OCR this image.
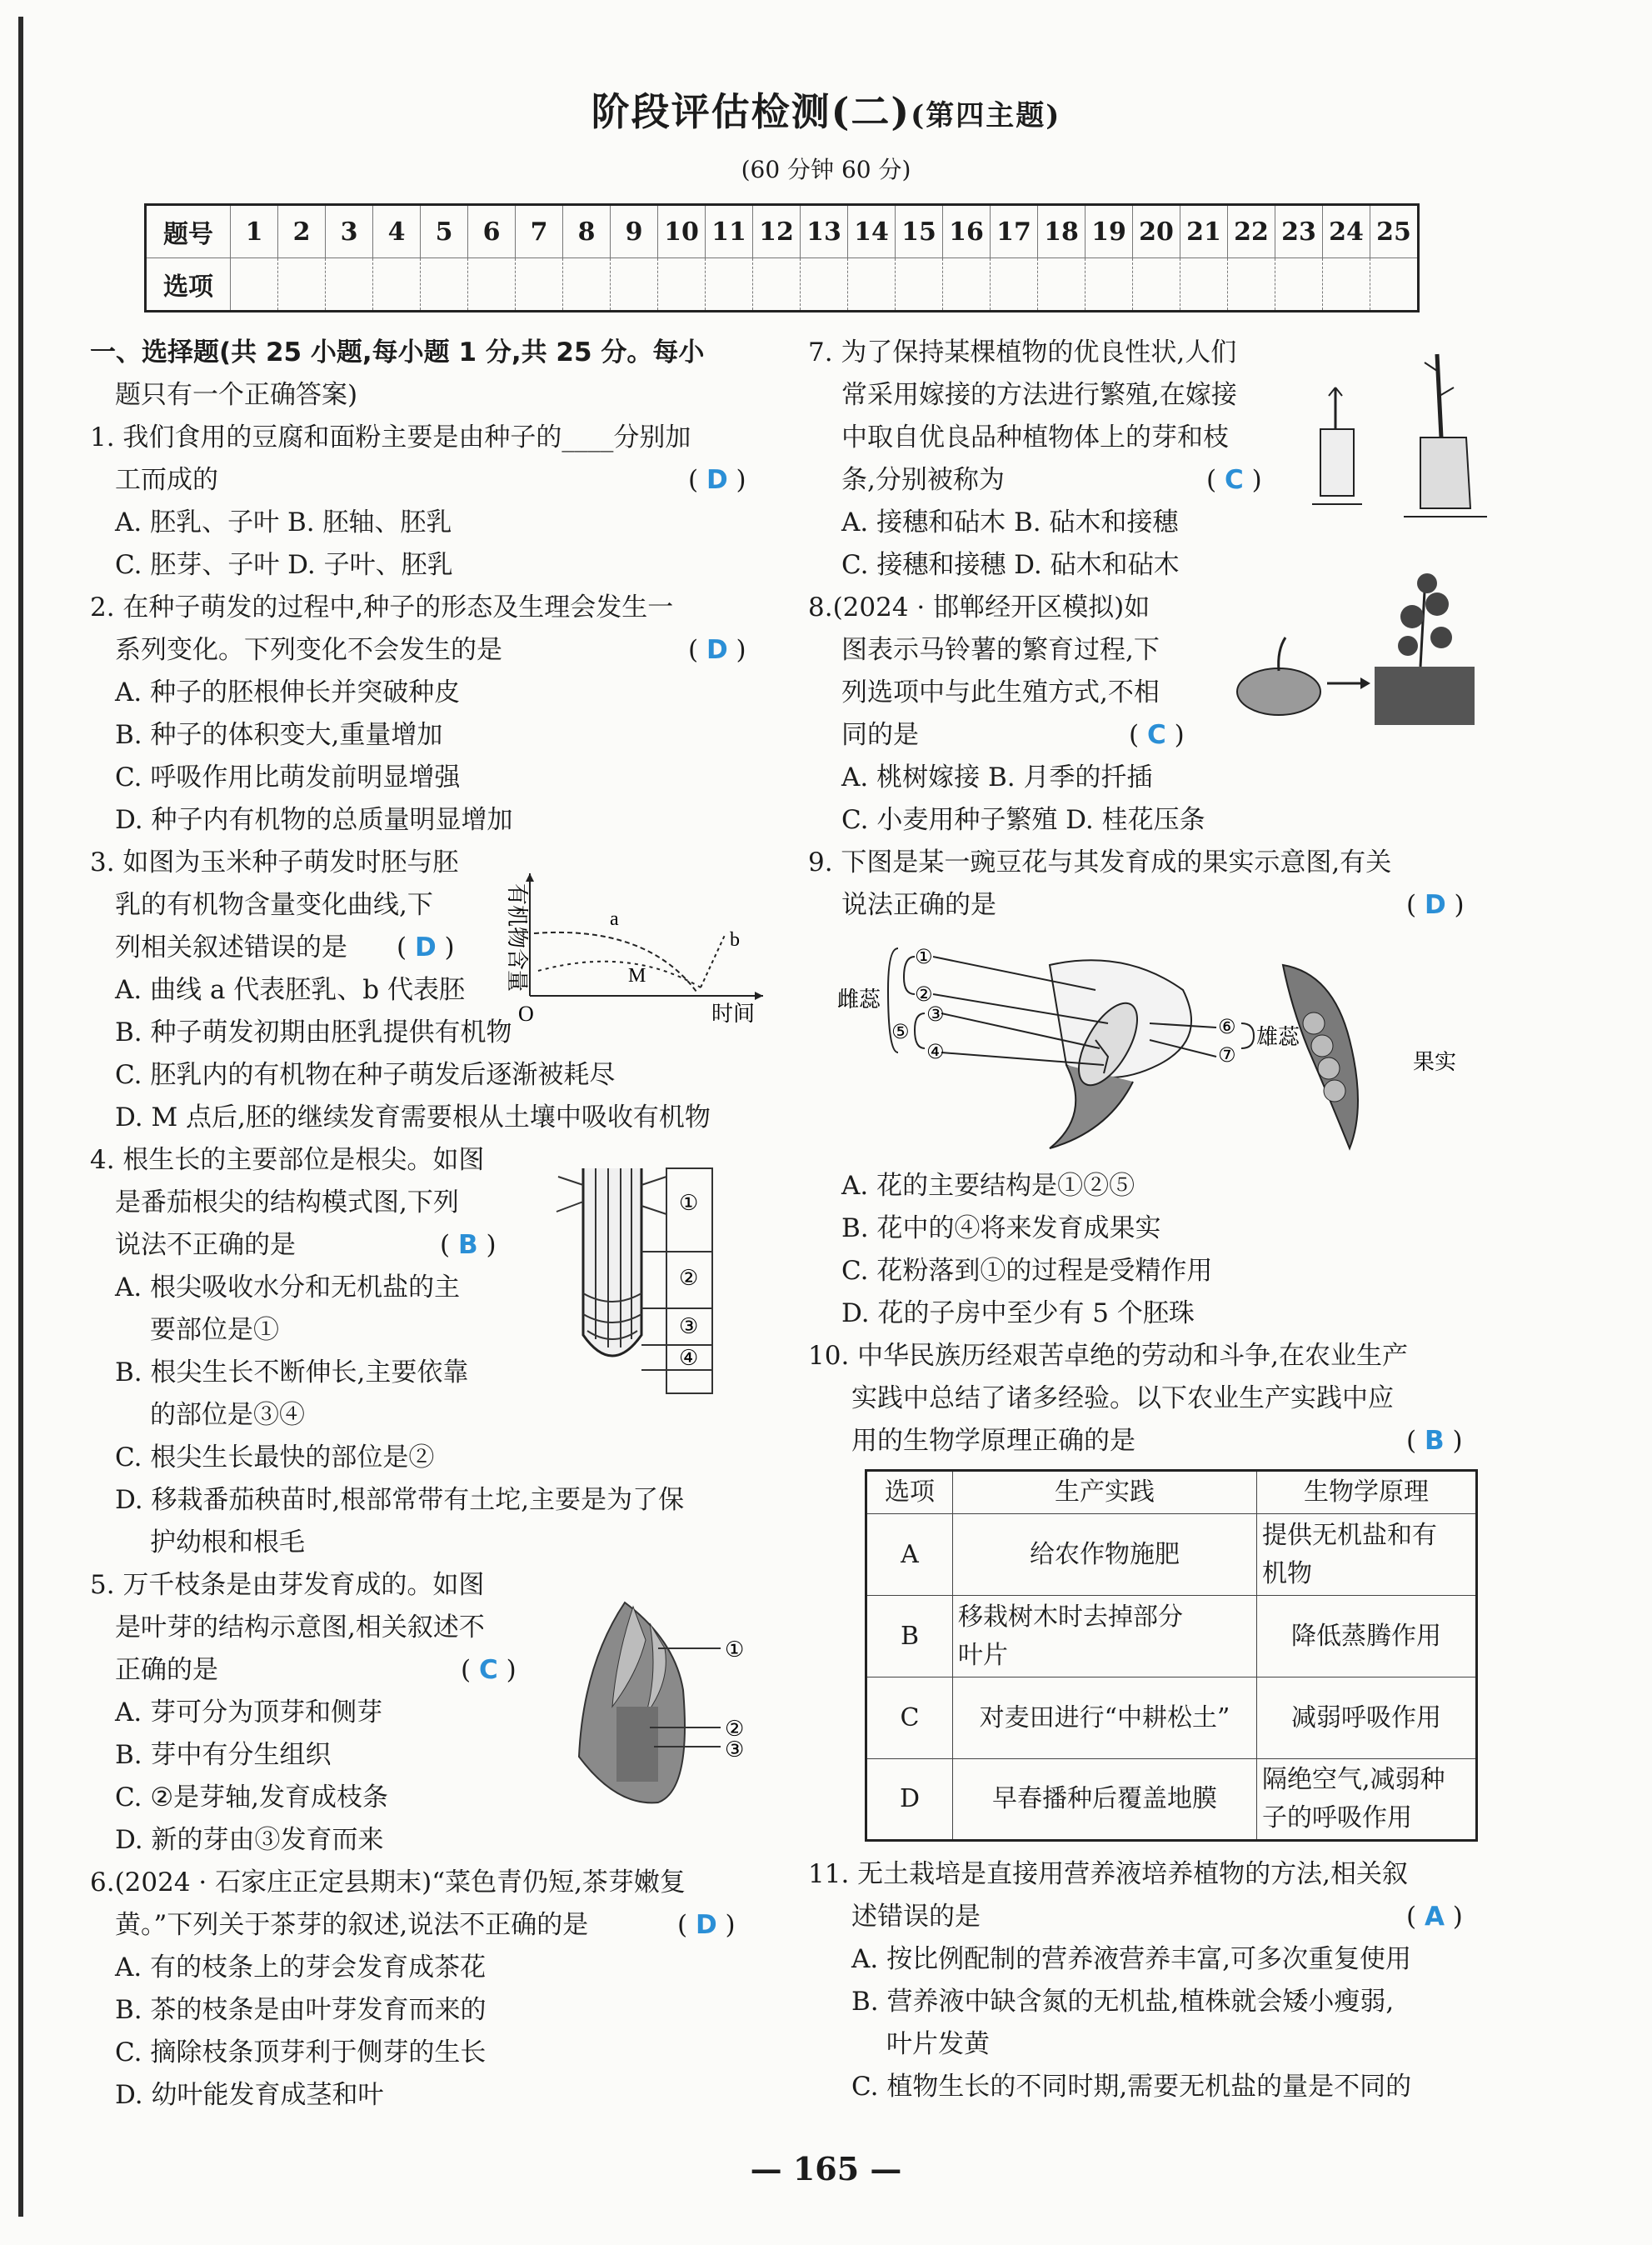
阶段评估检测(二)(第四主题)
(60 分钟 60 分)
题号	1	2	3	4	5	6	7	8	9	10	11	12	13	14	15	16	17	18	19	20	21	22	23	24	25
选项																									
一、选择题(共 25 小题,每小题 1 分,共 25 分。每小
题只有一个正确答案)
1. 我们食用的豆腐和面粉主要是由种子的____分别加
工而成的	( D )
A. 胚乳、子叶 B. 胚轴、胚乳
C. 胚芽、子叶 D. 子叶、胚乳
2. 在种子萌发的过程中,种子的形态及生理会发生一
系列变化。下列变化不会发生的是	( D )
A. 种子的胚根伸长并突破种皮
B. 种子的体积变大,重量增加
C. 呼吸作用比萌发前明显增强
D. 种子内有机物的总质量明显增加
3. 如图为玉米种子萌发时胚与胚
乳的有机物含量变化曲线,下
列相关叙述错误的是 ( D )
A. 曲线 a 代表胚乳、b 代表胚
B. 种子萌发初期由胚乳提供有机物
C. 胚乳内的有机物在种子萌发后逐渐被耗尽
D. M 点后,胚的继续发育需要根从土壤中吸收有机物
4. 根生长的主要部位是根尖。如图
是番茄根尖的结构模式图,下列
说法不正确的是	( B )
A. 根尖吸收水分和无机盐的主
要部位是①
B. 根尖生长不断伸长,主要依靠
的部位是③④
C. 根尖生长最快的部位是②
D. 移栽番茄秧苗时,根部常带有土坨,主要是为了保
护幼根和根毛
5. 万千枝条是由芽发育成的。如图
是叶芽的结构示意图,相关叙述不
正确的是	( C )
A. 芽可分为顶芽和侧芽
B. 芽中有分生组织
C. ②是芽轴,发育成枝条
D. 新的芽由③发育而来
6.(2024 · 石家庄正定县期末)“菜色青仍短,茶芽嫩复
黄。”下列关于茶芽的叙述,说法不正确的是	( D )
A. 有的枝条上的芽会发育成茶花
B. 茶的枝条是由叶芽发育而来的
C. 摘除枝条顶芽利于侧芽的生长
D. 幼叶能发育成茎和叶
有机物含量
时间
O
a
b
M
①
②
③
④
①
②
③
7. 为了保持某棵植物的优良性状,人们
常采用嫁接的方法进行繁殖,在嫁接
中取自优良品种植物体上的芽和枝
条,分别被称为	( C )
A. 接穗和砧木 B. 砧木和接穗
C. 接穗和接穗 D. 砧木和砧木
8.(2024 · 邯郸经开区模拟)如
图表示马铃薯的繁育过程,下
列选项中与此生殖方式,不相
同的是	( C )
A. 桃树嫁接 B. 月季的扦插
C. 小麦用种子繁殖 D. 桂花压条
9. 下图是某一豌豆花与其发育成的果实示意图,有关
说法正确的是	( D )
A. 花的主要结构是①②⑤
B. 花中的④将来发育成果实
C. 花粉落到①的过程是受精作用
D. 花的子房中至少有 5 个胚珠
10. 中华民族历经艰苦卓绝的劳动和斗争,在农业生产
实践中总结了诸多经验。以下农业生产实践中应
用的生物学原理正确的是	( B )
11. 无土栽培是直接用营养液培养植物的方法,相关叙
述错误的是	( A )
A. 按比例配制的营养液营养丰富,可多次重复使用
B. 营养液中缺含氮的无机盐,植株就会矮小瘦弱,
叶片发黄
C. 植物生长的不同时期,需要无机盐的量是不同的
雌蕊
①
②
③
⑤
④
⑥
⑦
雄蕊
果实
选项	生产实践	生物学原理
A	给农作物施肥	提供无机盐和有
机物
B	移栽树木时去掉部分
叶片	降低蒸腾作用
C	对麦田进行“中耕松土”	减弱呼吸作用
D	早春播种后覆盖地膜	隔绝空气,减弱种
子的呼吸作用
— 165 —
